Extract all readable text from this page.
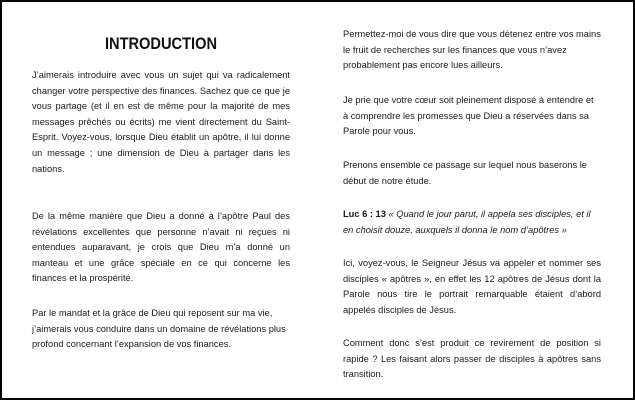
INTRODUCTION

J’aimerais introduire avec vous un sujet qui va radicalement changer votre perspective des finances. Sachez que ce que je vous partage (et il en est de même pour la majorité de mes messages prêchés ou écrits) me vient directement du Saint-Esprit. Voyez-vous, lorsque Dieu établit un apôtre, il lui donne un message ; une dimension de Dieu à partager dans les nations.

De la même manière que Dieu a donné à l’apôtre Paul des révélations excellentes que personne n’avait ni reçues ni entendues auparavant, je crois que Dieu m’a donné un manteau et une grâce spéciale en ce qui concerne les finances et la prospérité.

Par le mandat et la grâce de Dieu qui reposent sur ma vie, j’aimerais vous conduire dans un domaine de révélations plus profond concernant l’expansion de vos finances.

Permettez-moi de vous dire que vous détenez entre vos mains le fruit de recherches sur les finances que vous n’avez probablement pas encore lues ailleurs.

Je prie que votre cœur soit pleinement disposé à entendre et à comprendre les promesses que Dieu a réservées dans sa Parole pour vous.

Prenons ensemble ce passage sur lequel nous baserons le début de notre étude.

Luc 6 : 13 « Quand le jour parut, il appela ses disciples, et il en choisit douze, auxquels il donna le nom d’apôtres »

Ici, voyez-vous, le Seigneur Jésus va appeler et nommer ses disciples « apôtres », en effet les 12 apôtres de Jésus dont la Parole nous tire le portrait remarquable étaient d’abord appelés disciples de Jésus.

Comment donc s’est produit ce revirement de position si rapide ? Les faisant alors passer de disciples à apôtres sans transition.
